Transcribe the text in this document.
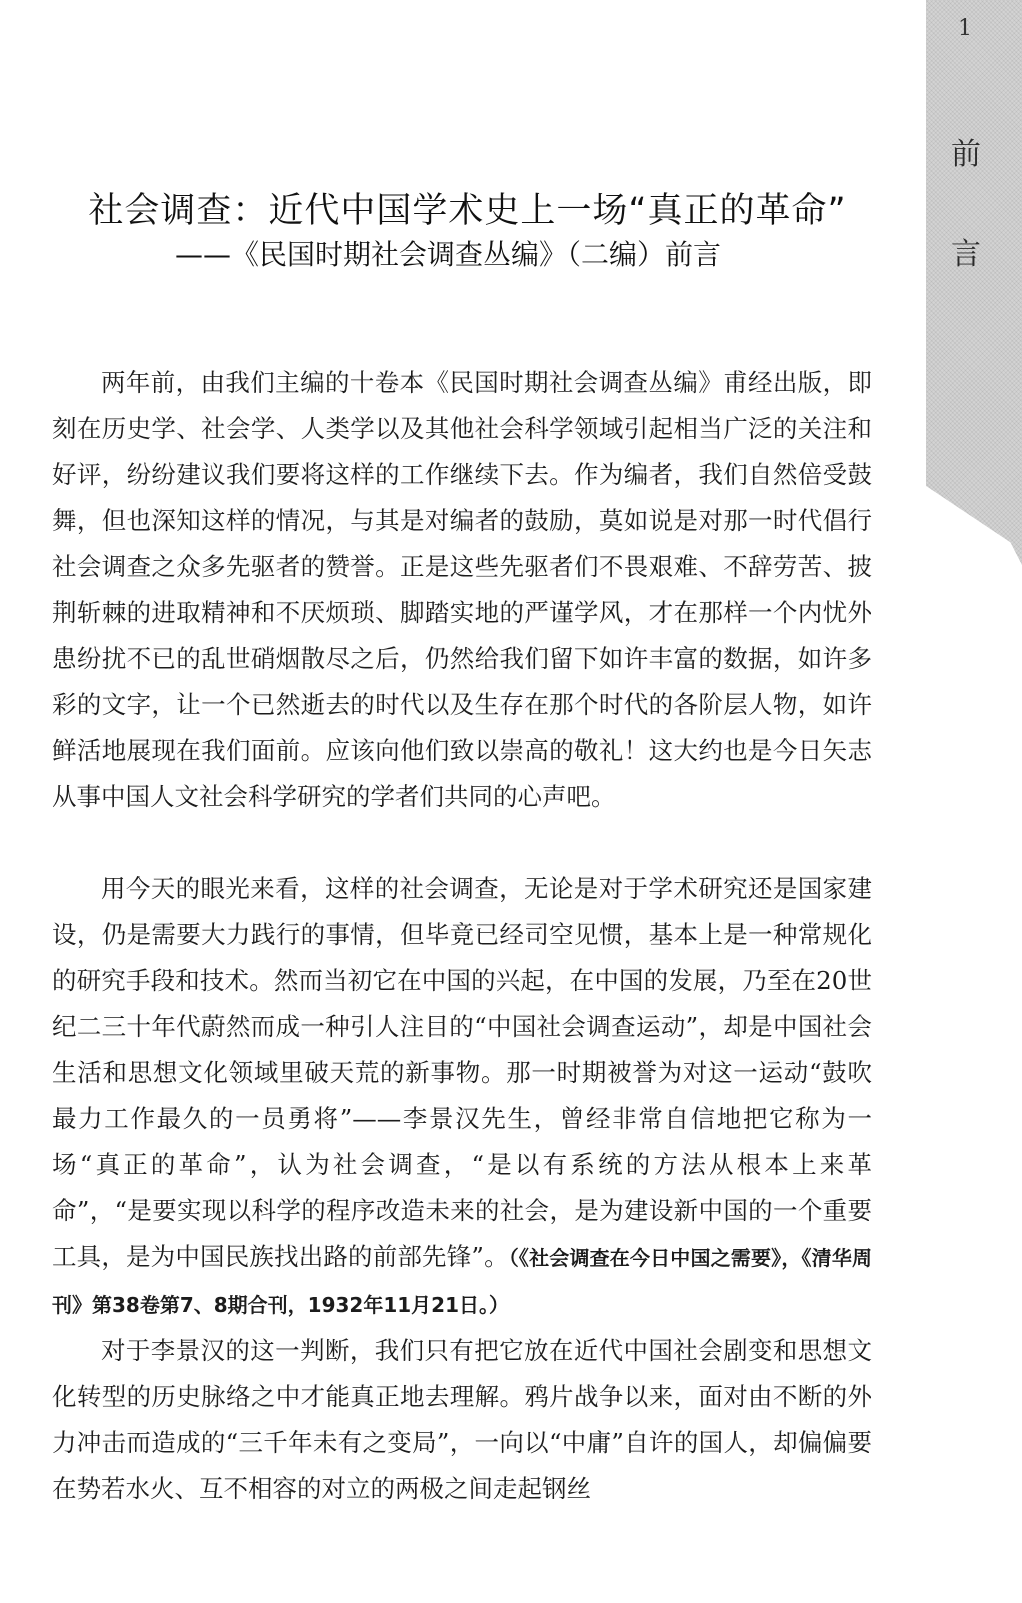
1
前
言
社会调查：近代中国学术史上一场“真正的革命”
——《民国时期社会调查丛编》（二编）前言

两年前，由我们主编的十卷本《民国时期社会调查丛编》甫经出版，即刻在历史学、社会学、人类学以及其他社会科学领域引起相当广泛的关注和好评，纷纷建议我们要将这样的工作继续下去。作为编者，我们自然倍受鼓舞，但也深知这样的情况，与其是对编者的鼓励，莫如说是对那一时代倡行社会调查之众多先驱者的赞誉。正是这些先驱者们不畏艰难、不辞劳苦、披荆斩棘的进取精神和不厌烦琐、脚踏实地的严谨学风，才在那样一个内忧外患纷扰不已的乱世硝烟散尽之后，仍然给我们留下如许丰富的数据，如许多彩的文字，让一个已然逝去的时代以及生存在那个时代的各阶层人物，如许鲜活地展现在我们面前。应该向他们致以崇高的敬礼！这大约也是今日矢志从事中国人文社会科学研究的学者们共同的心声吧。

用今天的眼光来看，这样的社会调查，无论是对于学术研究还是国家建设，仍是需要大力践行的事情，但毕竟已经司空见惯，基本上是一种常规化的研究手段和技术。然而当初它在中国的兴起，在中国的发展，乃至在20世纪二三十年代蔚然而成一种引人注目的“中国社会调查运动”，却是中国社会生活和思想文化领域里破天荒的新事物。那一时期被誉为对这一运动“鼓吹最力工作最久的一员勇将”——李景汉先生，曾经非常自信地把它称为一场“真正的革命”，认为社会调查，“是以有系统的方法从根本上来革命”，“是要实现以科学的程序改造未来的社会，是为建设新中国的一个重要工具，是为中国民族找出路的前部先锋”。（《社会调查在今日中国之需要》，《清华周刊》第38卷第7、8期合刊，1932年11月21日。）

对于李景汉的这一判断，我们只有把它放在近代中国社会剧变和思想文化转型的历史脉络之中才能真正地去理解。鸦片战争以来，面对由不断的外力冲击而造成的“三千年未有之变局”，一向以“中庸”自许的国人，却偏偏要在势若水火、互不相容的对立的两极之间走起钢丝
